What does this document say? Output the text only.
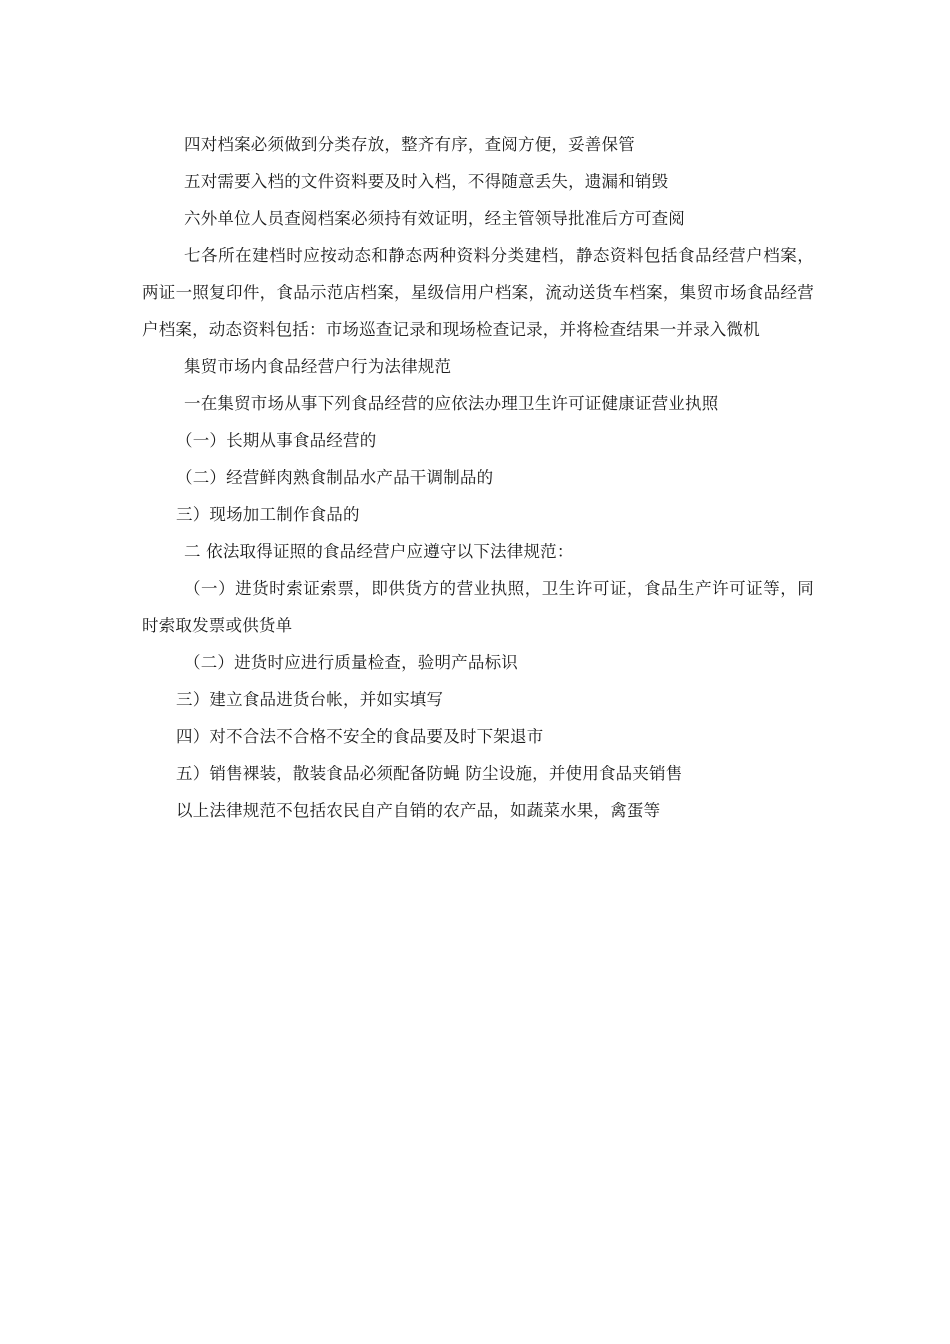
四对档案必须做到分类存放，整齐有序，查阅方便，妥善保管

五对需要入档的文件资料要及时入档，不得随意丢失，遗漏和销毁

六外单位人员查阅档案必须持有效证明，经主管领导批准后方可查阅

七各所在建档时应按动态和静态两种资料分类建档，静态资料包括食品经营户档案，两证一照复印件，食品示范店档案，星级信用户档案，流动送货车档案，集贸市场食品经营户档案，动态资料包括：市场巡查记录和现场检查记录，并将检查结果一并录入微机

集贸市场内食品经营户行为法律规范

一在集贸市场从事下列食品经营的应依法办理卫生许可证健康证营业执照

（一）长期从事食品经营的

（二）经营鲜肉熟食制品水产品干调制品的

三）现场加工制作食品的

二 依法取得证照的食品经营户应遵守以下法律规范：

（一）进货时索证索票，即供货方的营业执照，卫生许可证，食品生产许可证等，同时索取发票或供货单

（二）进货时应进行质量检查，验明产品标识

三）建立食品进货台帐，并如实填写

四）对不合法不合格不安全的食品要及时下架退市

五）销售裸装，散装食品必须配备防蝇 防尘设施，并使用食品夹销售

以上法律规范不包括农民自产自销的农产品，如蔬菜水果，禽蛋等
